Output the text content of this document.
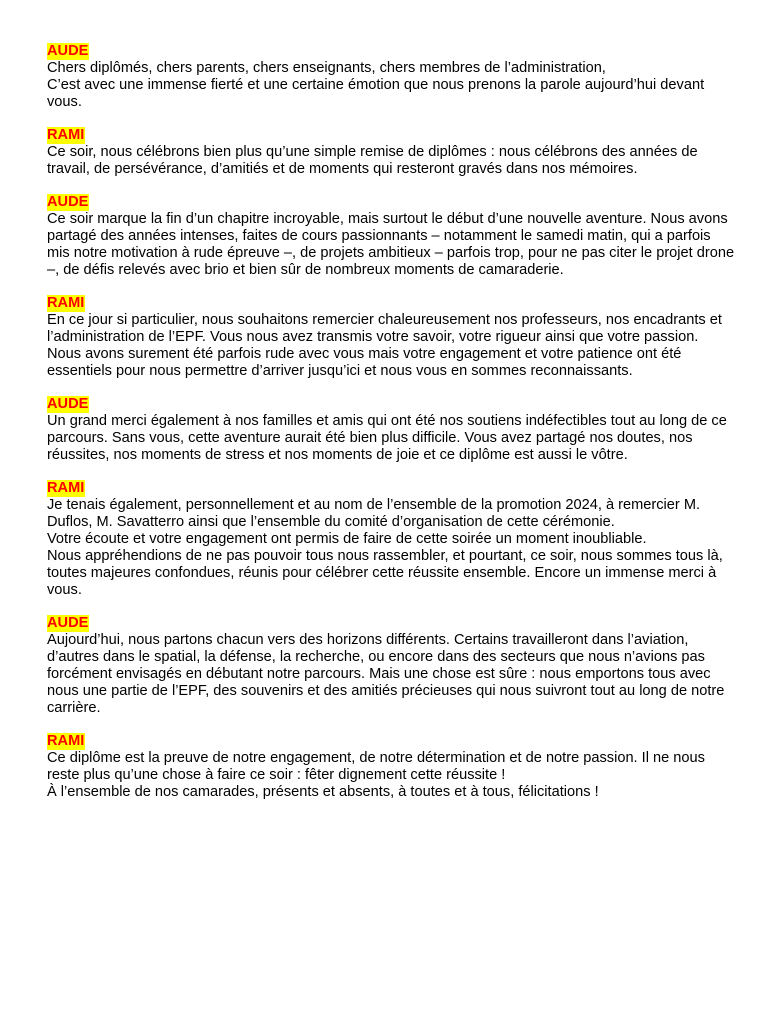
AUDE

Chers diplômés, chers parents, chers enseignants, chers membres de l’administration,

C’est avec une immense fierté et une certaine émotion que nous prenons la parole aujourd’hui devant vous.

RAMI

Ce soir, nous célébrons bien plus qu’une simple remise de diplômes : nous célébrons des années de travail, de persévérance, d’amitiés et de moments qui resteront gravés dans nos mémoires.

AUDE

Ce soir marque la fin d’un chapitre incroyable, mais surtout le début d’une nouvelle aventure. Nous avons partagé des années intenses, faites de cours passionnants – notamment le samedi matin, qui a parfois mis notre motivation à rude épreuve –, de projets ambitieux – parfois trop, pour ne pas citer le projet drone –, de défis relevés avec brio et bien sûr de nombreux moments de camaraderie.

RAMI

En ce jour si particulier, nous souhaitons remercier chaleureusement nos professeurs, nos encadrants et l’administration de l’EPF. Vous nous avez transmis votre savoir, votre rigueur ainsi que votre passion.

Nous avons surement été parfois rude avec vous mais votre engagement et votre patience ont été essentiels pour nous permettre d’arriver jusqu’ici et nous vous en sommes reconnaissants.

AUDE

Un grand merci également à nos familles et amis qui ont été nos soutiens indéfectibles tout au long de ce parcours. Sans vous, cette aventure aurait été bien plus difficile. Vous avez partagé nos doutes, nos réussites, nos moments de stress et nos moments de joie et ce diplôme est aussi le vôtre.

RAMI

Je tenais également, personnellement et au nom de l’ensemble de la promotion 2024, à remercier M. Duflos, M. Savatterro ainsi que l’ensemble du comité d’organisation de cette cérémonie.

Votre écoute et votre engagement ont permis de faire de cette soirée un moment inoubliable.

Nous appréhendions de ne pas pouvoir tous nous rassembler, et pourtant, ce soir, nous sommes tous là, toutes majeures confondues, réunis pour célébrer cette réussite ensemble. Encore un immense merci à vous.

AUDE

Aujourd’hui, nous partons chacun vers des horizons différents. Certains travailleront dans l’aviation, d’autres dans le spatial, la défense, la recherche, ou encore dans des secteurs que nous n’avions pas forcément envisagés en débutant notre parcours. Mais une chose est sûre : nous emportons tous avec nous une partie de l’EPF, des souvenirs et des amitiés précieuses qui nous suivront tout au long de notre carrière.

RAMI

Ce diplôme est la preuve de notre engagement, de notre détermination et de notre passion. Il ne nous reste plus qu’une chose à faire ce soir : fêter dignement cette réussite !

À l’ensemble de nos camarades, présents et absents, à toutes et à tous, félicitations !
